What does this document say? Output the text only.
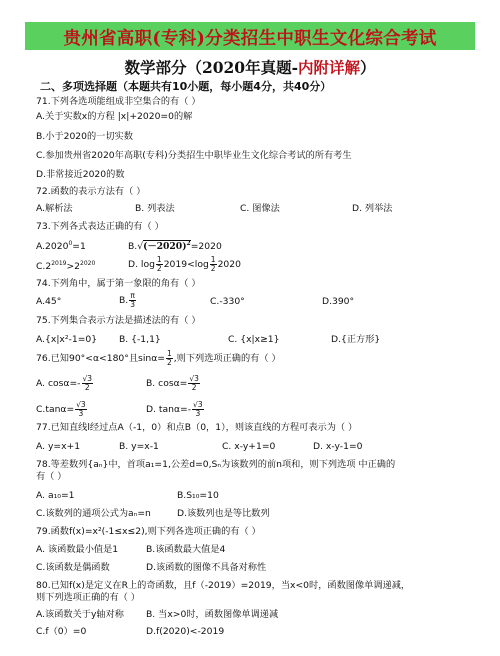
贵州省高职(专科)分类招生中职生文化综合考试
数学部分（2020年真题-内附详解）
二、多项选择题（本题共有10小题，每小题4分，共40分）
71.下列各选项能组成非空集合的有（ ）
A.关于实数x的方程 |x|+2020=0的解
B.小于2020的一切实数
C.参加贵州省2020年高职(专科)分类招生中职毕业生文化综合考试的所有考生
D.非常接近2020的数
72.函数的表示方法有（ ）
A.解析法	B. 列表法	C. 图像法	D. 列举法
73.下列各式表达正确的有（ ）
$A.2020^0=1$	$B.√(-2020)^2=2020$
$C.2^{2019}>2^{2020}$	D. $\log \frac{1}{2} 2019<\log \frac{1}{2} 2020$
74.下列角中，属于第一象限的角有（ ）
A.45°	B. $\frac{\pi}{3}$	C.-330°	D.390°
75.下列集合表示方法是描述法的有（ ）
A.{x|x²-1=0} B. {-1,1}	C. {x|x≥1}	D.{正方形}
76.已知90°<α<180°且$\sin\alpha= \frac{1}{2}$ ,则下列选项正确的有（ ）
A. $\cos\alpha=- \frac{√3}{2}$	B. $\cos\alpha= \frac{√3}{2}$
$C.\tan\alpha= \frac{√3}{3}$	D. $\tan\alpha=- \frac{√3}{3}$
77.已知直线l经过点A（-1，0）和点B（0，1），则该直线的方程可表示为（ ）
A. y=x+1	B. y=x-1	C. x-y+1=0	D. x-y-1=0
78.等差数列{aₙ}中，首项a₁=1,公差d=0,Sₙ为该数列的前n项和，则下列选项 中正确的
有（ ）
A. a₁₀=1	B.S₁₀=10
C.该数列的通项公式为aₙ=n	D.该数列也是等比数列
79.函数f(x)=x²(-1≤x≤2),则下列各选项正确的有（ ）
A. 该函数最小值是1	B.该函数最大值是4
C.该函数是偶函数	D.该函数的图像不具备对称性
80.已知f(x)是定义在R上的奇函数，且f（-2019）=2019，当x<0时，函数图像单调递减，
则下列选项正确的有（ ）
A.该函数关于y轴对称 B. 当x>0时，函数图像单调递减
C.f（0）=0	D.f(2020)<-2019
